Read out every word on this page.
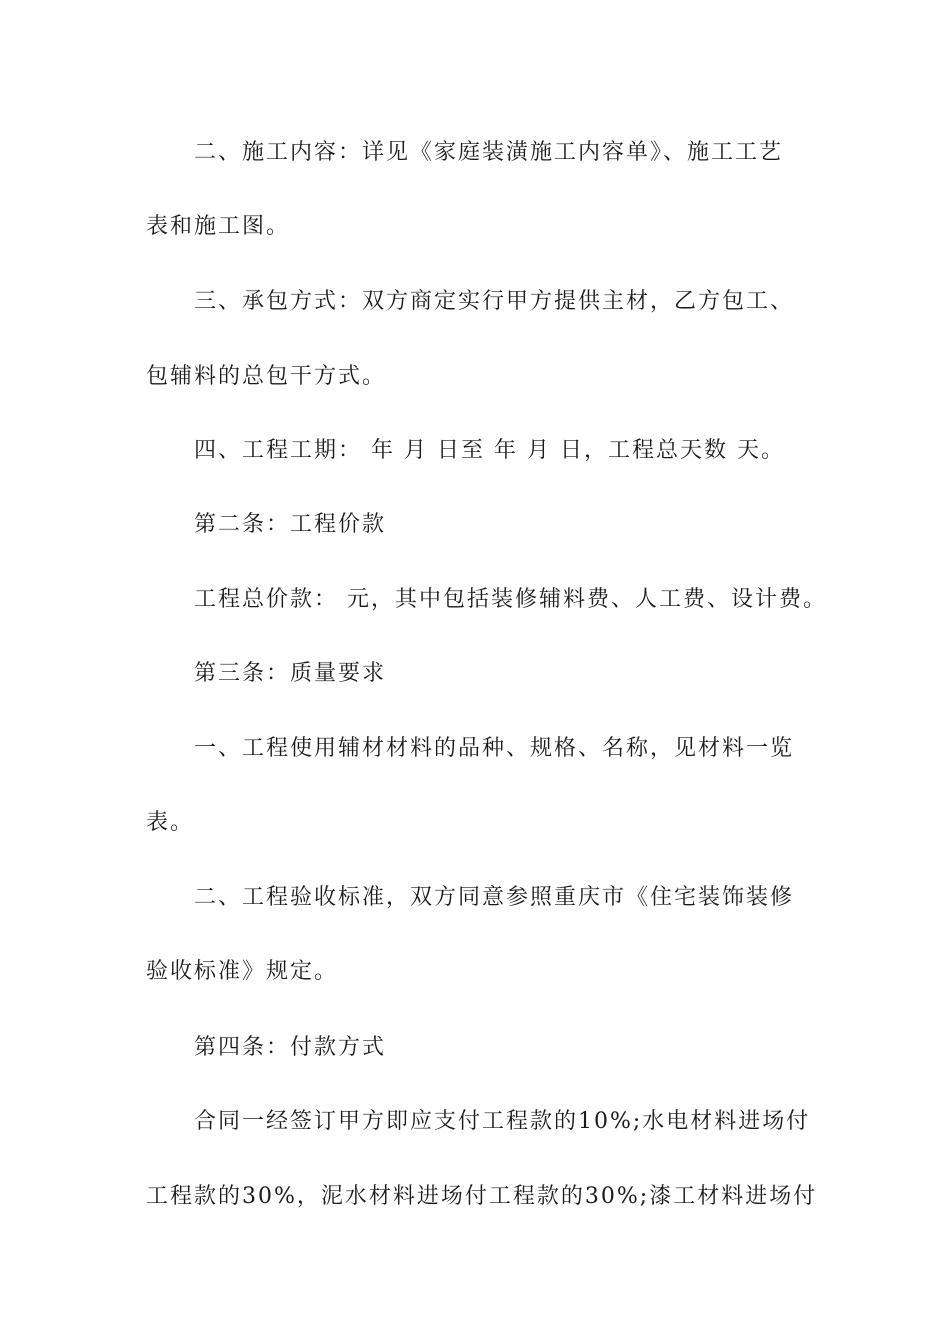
二、施工内容：详见《家庭装潢施工内容单》、施工工艺
表和施工图。
三、承包方式：双方商定实行甲方提供主材，乙方包工、
包辅料的总包干方式。
四、工程工期： 年 月 日至 年 月 日，工程总天数 天。
第二条：工程价款
工程总价款： 元，其中包括装修辅料费、人工费、设计费。
第三条：质量要求
一、工程使用辅材材料的品种、规格、名称，见材料一览
表。
二、工程验收标准，双方同意参照重庆市《住宅装饰装修
验收标准》规定。
第四条：付款方式
合同一经签订甲方即应支付工程款的10%;水电材料进场付
工程款的30%，泥水材料进场付工程款的30%;漆工材料进场付
